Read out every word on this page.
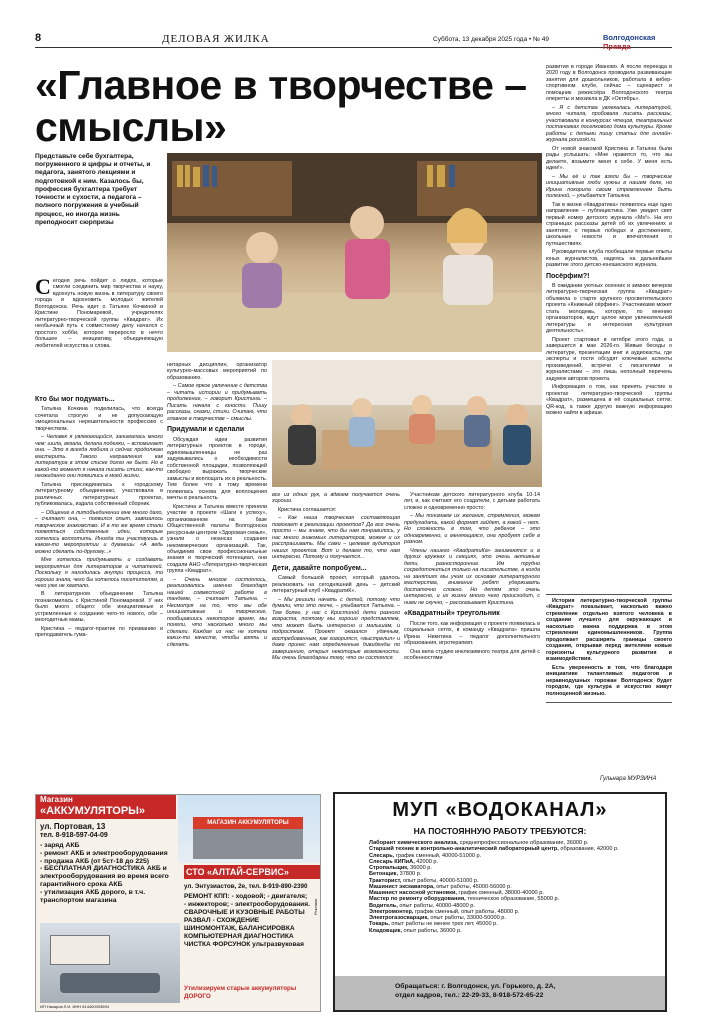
8	ДЕЛОВАЯ ЖИЛКА	Суббота, 13 декабря 2025 года • № 49	Волгодонская Правда
«Главное в творчестве –
смыслы»
Представьте себе бухгалтера, погруженного в цифры и отчеты, и педагога, занятого лекциями и подготовкой к ним. Казалось бы, профессия бухгалтера требует точности и сухости, а педагога – полного погружения в учебный процесс, но иногда жизнь преподносит сюрпризы

Сегодня речь пойдет о людях, которые смогли соединить мир творчества и науку, вдохнуть новую жизнь в литературу своего города и вдохновить молодых жителей Волгодонска. Речь идет о Татьяне Кочкиной и Кристине Пономаревой, учредителях литературно-творческой группы «Квадрат». Их необычный путь к совместному делу начался с простого хобби, которое переросло в нечто большее – инициативу, объединяющую любителей искусства и слова.

Кто бы мог подумать...

Татьяна Кочкина поделилась, что всегда сочетала строгую и не допускающую эмоциональных нерешительности профессию с творчеством.

– Человек я увлекающийся, занималась много чем: шила, вязала, делала поделки, – вспоминает она. – Это я всегда любила и сейчас продолжаю мастерить. Такого направления как литература в этом списке долго не было. Но в какой-то момент я начала писать стихи, как-то неожиданно они появились в моей жизни.

Татьяна присоединилась к городскому литературному объединению, участвовала в различных литературных проектах, публиковалась, издала собственный сборник.

– Общение в литобъединении мне много дало, – считает она, – появился опыт, завязалось творческое знакомство. И в то же время стали появляться собственные идеи, которые хотелось воплотить. Иногда ты участвуешь в каком-то мероприятии и думаешь: «А ведь можно сделать по-другому...»

Мне хотелось придумывать и создавать мероприятия для литераторов и читателей. Поскольку я находилась внутри процесса, то хорошо знала, чего бы хотелось посетителям, а чего уже не хватало.

В литературном объединении Татьяна познакомилась с Кристиной Пономаревой. У них было много общего: обе инициативные и устремленные к созданию чего-то нового, обе – многодетные мамы.

Кристина – педагог-практик по призванию и преподаватель гума-

нитарных дисциплин, организатор культурно-массовых мероприятий по образованию.

– Самое яркое увлечение с детства – читать истории и придумывать продолжение, – говорит Кристина. – Писать начала с юности. Пишу рассказы, сказки, стихи. Считаю, что главное в творчестве – смыслы.

Придумали и сделали

Обсуждая идеи развития литературных проектов в городе, единомышленницы не раз задумывались о необходимости собственной площадки, позволяющей свободно выражать творческие замыслы и воплощать их в реальность. Тем более что к тому времени появилась основа для воплощения мечты в реальность.

Кристина и Татьяна вместе приняли участие в проекте «Шаги к успеху», организованном на базе Общественной палаты Волгодонска ресурсным центром «Здоровая семья», узнали о нюансах создания некоммерческих организаций. Так, объединив свои профессиональные знания и творческий потенциал, они создали АНО «Литературно-творческая группа «Квадрат».

– Очень многое состоялось, реализовалось именно благодаря нашей совместной работе в тандеме, – считает Татьяна. – Несмотря на то, что мы обе инициативные и творческие, пообщавшись некоторое время, мы поняли, что насколько много мы сделали. Каждая из нас не хотела каких-то качеств, чтобы взять и сделать

все из одних рук, а вдвоем получается очень хорошо.

Кристина соглашается:

– Как наша творческая составляющая помогает в реализации проектов? Да все очень просто – мы знаем, что бы нам понравилось, у нас много знакомых литераторов, можем и их расспрашивать. Мы сами – целевая аудитория наших проектов. Вот и делаем то, что нам интересно. Потому и получается...

Дети, давайте попробуем...

Самый большой проект, который удалось реализовать на сегодняшний день – детский литературный клуб «КвадратиК».

– Мы решили начать с детей, потому что думали, что это легче, – улыбается Татьяна. – Тем более, у нас с Кристиной дети разного возраста, поэтому мы хорошо представляем, что может быть интересно и малышам, и подросткам. Проект оказался удачным, востребованным, как говорится, «выстрелил» и даже принес нам определенные дивиденды по завершению, открыл некоторые возможности. Мы очень благодарны тому, что он состоялся.

Участникам детского литературного клуба 10-14 лет, и, как считают его создатели, с детьми работать сложно и одновременно просто:

– Мы понимаем их желания, стремления, можем предугадать, какой формат зайдет, а какой – нет. Но сложность в том, что ребенок – это одновременно, и меняющаяся, она пробует себя в разном.

Члены нашего «КвадратиКа» занимаются и в других кружках и секциях, это очень активные дети, разносторонние. Им трудно сосредоточиться только на писательстве, а когда на занятиях мы учим их основам литературного мастерства, внимание ребят удерживать достаточно сложно. Но детям это очень интересно, и их жизни много чего происходит, с ними не скучно, – рассказывает Кристина.

«Квадратный» треугольник

После того, как информация о проекте появилась в социальных сетях, в команду «Квадрата» пришла Ирина Никитина – педагог дополнительного образования, игротерапевт.

Она вела студию инклюзивного театра для детей с особенностями

развития в городе Иваново. А после переезда в 2020 году в Волгодонск проводила развивающие занятия для дошкольников, работала в кибер-спортивном клубе, сейчас – сценарист и помощник режиссёра Волгодонского театра оперетты и мюзикла в ДК «Октябрь».

– Я с детства увлекалась литературой, много читала, пробовала писать рассказы, участвовала в конкурсах чтецов, театральных постановках поселкового дома культуры. Кроме работы с детьми пишу статьи для онлайн-журнала porusski.ru.

От новой знакомой Кристина и Татьяна были рады услышать: «Мне нравится то, что вы делаете, возьмите меня к себе. У меня есть идеи!».

– Мы её и так взяли бы – творческие инициативные люди нужны в нашем деле, но Ирина покорила своим стремлением быть полезной, – улыбается Татьяна.

Так в жизни «Квадратика» появилось еще одно направление – публицистика. Уже увидел свет первый номер детского журнала «Ms²». На его страницах рассказы детей об их увлечениях и занятиях, о первых победах и достижениях, школьные новости и впечатления о путешествиях.

Руководители клуба пообещали первые опыты юных журналистов, надеясь на дальнейшее развитие этого детско-юношеского журнала.

Посёрфим?!

В ожидании уютных осенних и зимних вечеров литературно-творческая группа «Квадрат» объявила о старте крупного просветительского проекта «Книжный сёрфинг». Участниками может стать молодежь, которую, по мнению организаторов, ждут целое море увлекательной литературы и интересная культурная деятельность».

Проект стартовал в октябре этого года, а завершится в мае 2026-го. Живые беседы о литературе, презентации книг и аудиокасты, где эксперты и гости обсудят ключевые аспекты произведений, встречи с писателями и журналистами – это лишь неполный перечень задумок авторов проекта.

Информация о том, как принять участие в проектах литературно-творческой группы «Квадрат», размещена в её социальных сетях. QR-код, а также другую важную информацию можно найти в афише.

История литературно-творческой группы «Квадрат» показывает, насколько важно стремление отдельно взятого человека в создании лучшего для окружающих и насколько важна поддержка в этом стремлении единомышленников. Группа продолжает расширять границы своего создания, открывая перед жителями новые горизонты культурного развития и взаимодействия.

Есть уверенность в том, что благодаря инициативе талантливых педагогов и неравнодушных горожан Волгодонск будет городом, где культура и искусство живут полноценной жизнью.

Гульнара МУРЗИНА
Магазин
«АККУМУЛЯТОРЫ»
ул. Портовая, 13
тел. 8-918-597-04-09
- заряд АКБ
- ремонт АКБ и электрооборудования
- продажа АКБ (от 5ст-18 до 225)
- БЕСПЛАТНАЯ ДИАГНОСТИКА АКБ и электрооборудования во время всего гарантийного срока АКБ
- утилизация АКБ дорого, в т.ч. транспортом магазина
МАГАЗИН АККУМУЛЯТОРЫ
СТО «АЛТАЙ-СЕРВИС»
ул. Энтузиастов, 2е, тел. 8-919-890-2390
РЕМОНТ КПП: - ходовой; - двигателя;
- инжекторов; - электрооборудования.
СВАРОЧНЫЕ И КУЗОВНЫЕ РАБОТЫ
РАЗВАЛ - СХОЖДЕНИЕ
ШИНОМОНТАЖ, БАЛАНСИРОВКА
КОМПЬЮТЕРНАЯ ДИАГНОСТИКА
ЧИСТКА ФОРСУНОК ультразвуковая
Утилизируем старые аккумуляторы ДОРОГО
ИП Назаров Л.И. ИНН 614400093594
Реклама
МУП «ВОДОКАНАЛ»
НА ПОСТОЯННУЮ РАБОТУ ТРЕБУЮТСЯ:
Лаборант химического анализа, среднепрофессиональное образование, 36000 р.
Старший техник в контрольно-аналитический лабораторный центр, образование, 42000 р.
Слесарь, график сменный, 40000-51000 р.
Слесарь КИПиА, 42000 р.
Стропальщик, 36000 р.
Бетонщик, 37800 р.
Тракторист, опыт работы, 40000-51000 р.
Машинист экскаватора, опыт работы, 45000-56000 р.
Машинист насосной установки, график сменный, 38000-40000 р.
Мастер по ремонту оборудования, техническое образование, 55000 р.
Водитель, опыт работы, 40000-48000 р.
Электромонтер, график сменный, опыт работы, 48000 р.
Электрогазосварщик, опыт работы, 33000-50000 р.
Токарь, опыт работы не менее трех лет, 45000 р.
Кладовщик, опыт работы, 36000 р.
Обращаться: г. Волгодонск, ул. Горького, д. 2А,
отдел кадров, тел.: 22-29-33, 8-918-572-65-22
